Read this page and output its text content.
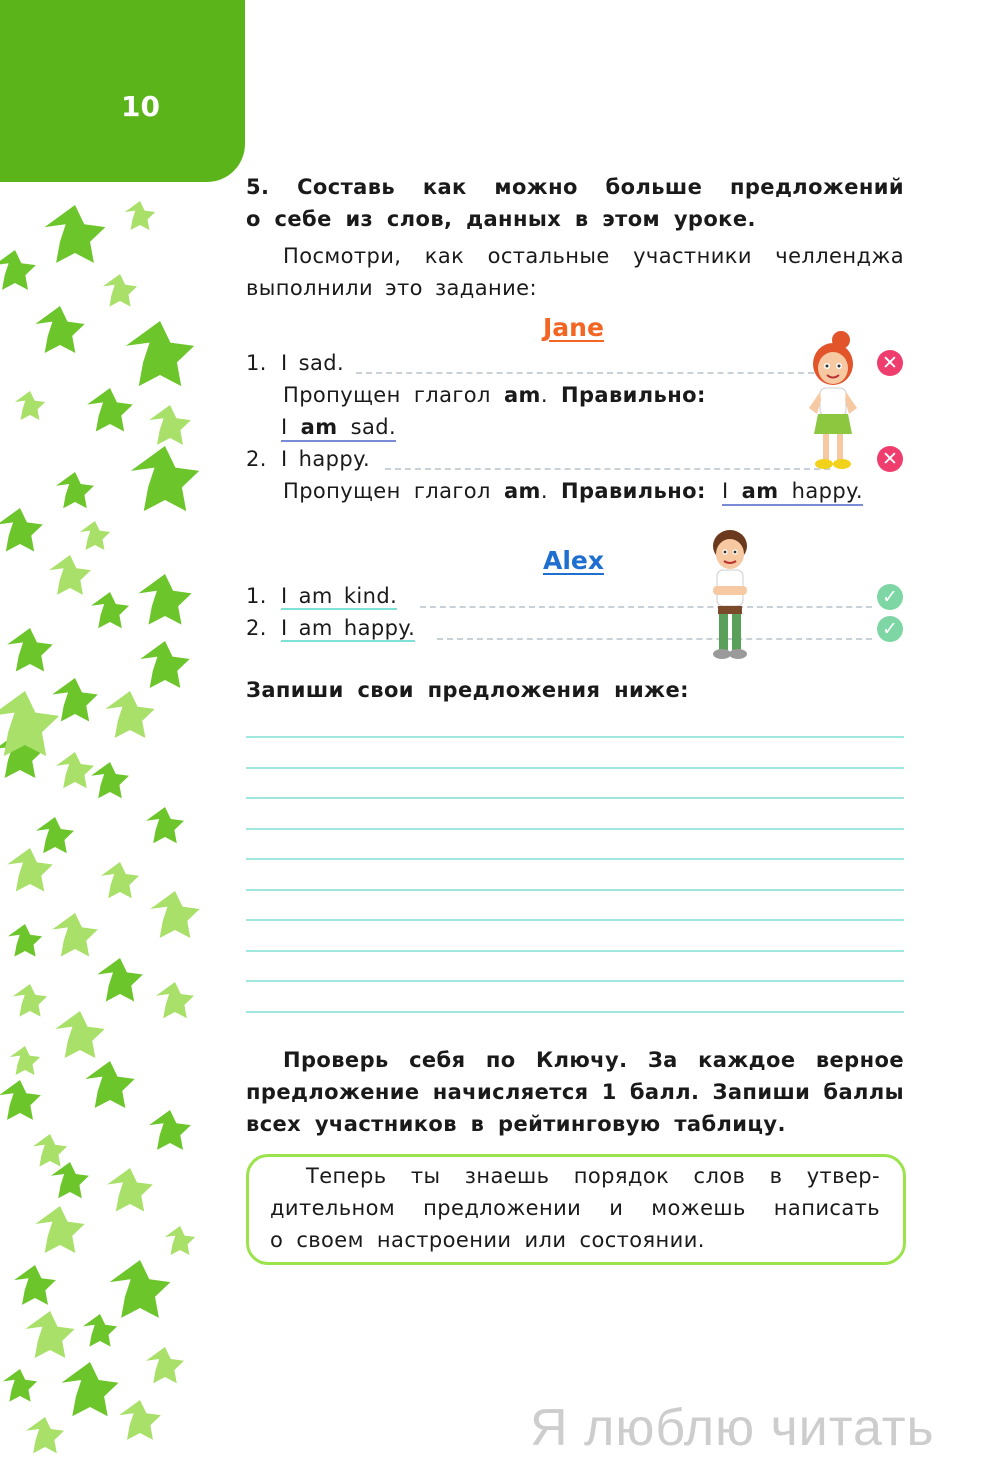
10
5. Составь как можно больше предложений
о себе из слов, данных в этом уроке.
Посмотри, как остальные участники челленджа
выполнили это задание:
Jane
1. I sad.	✕
Пропущен глагол am. Правильно:
I am sad.
2. I happy.	✕
Пропущен глагол am. Правильно: I am happy.
Alex
1. I am kind.	✓
2. I am happy.	✓
Запиши свои предложения ниже:
Проверь себя по Ключу. За каждое верное
предложение начисляется 1 балл. Запиши баллы
всех участников в рейтинговую таблицу.
Теперь ты знаешь порядок слов в утвер-
дительном предложении и можешь написать
о своем настроении или состоянии.
Я люблю читать
